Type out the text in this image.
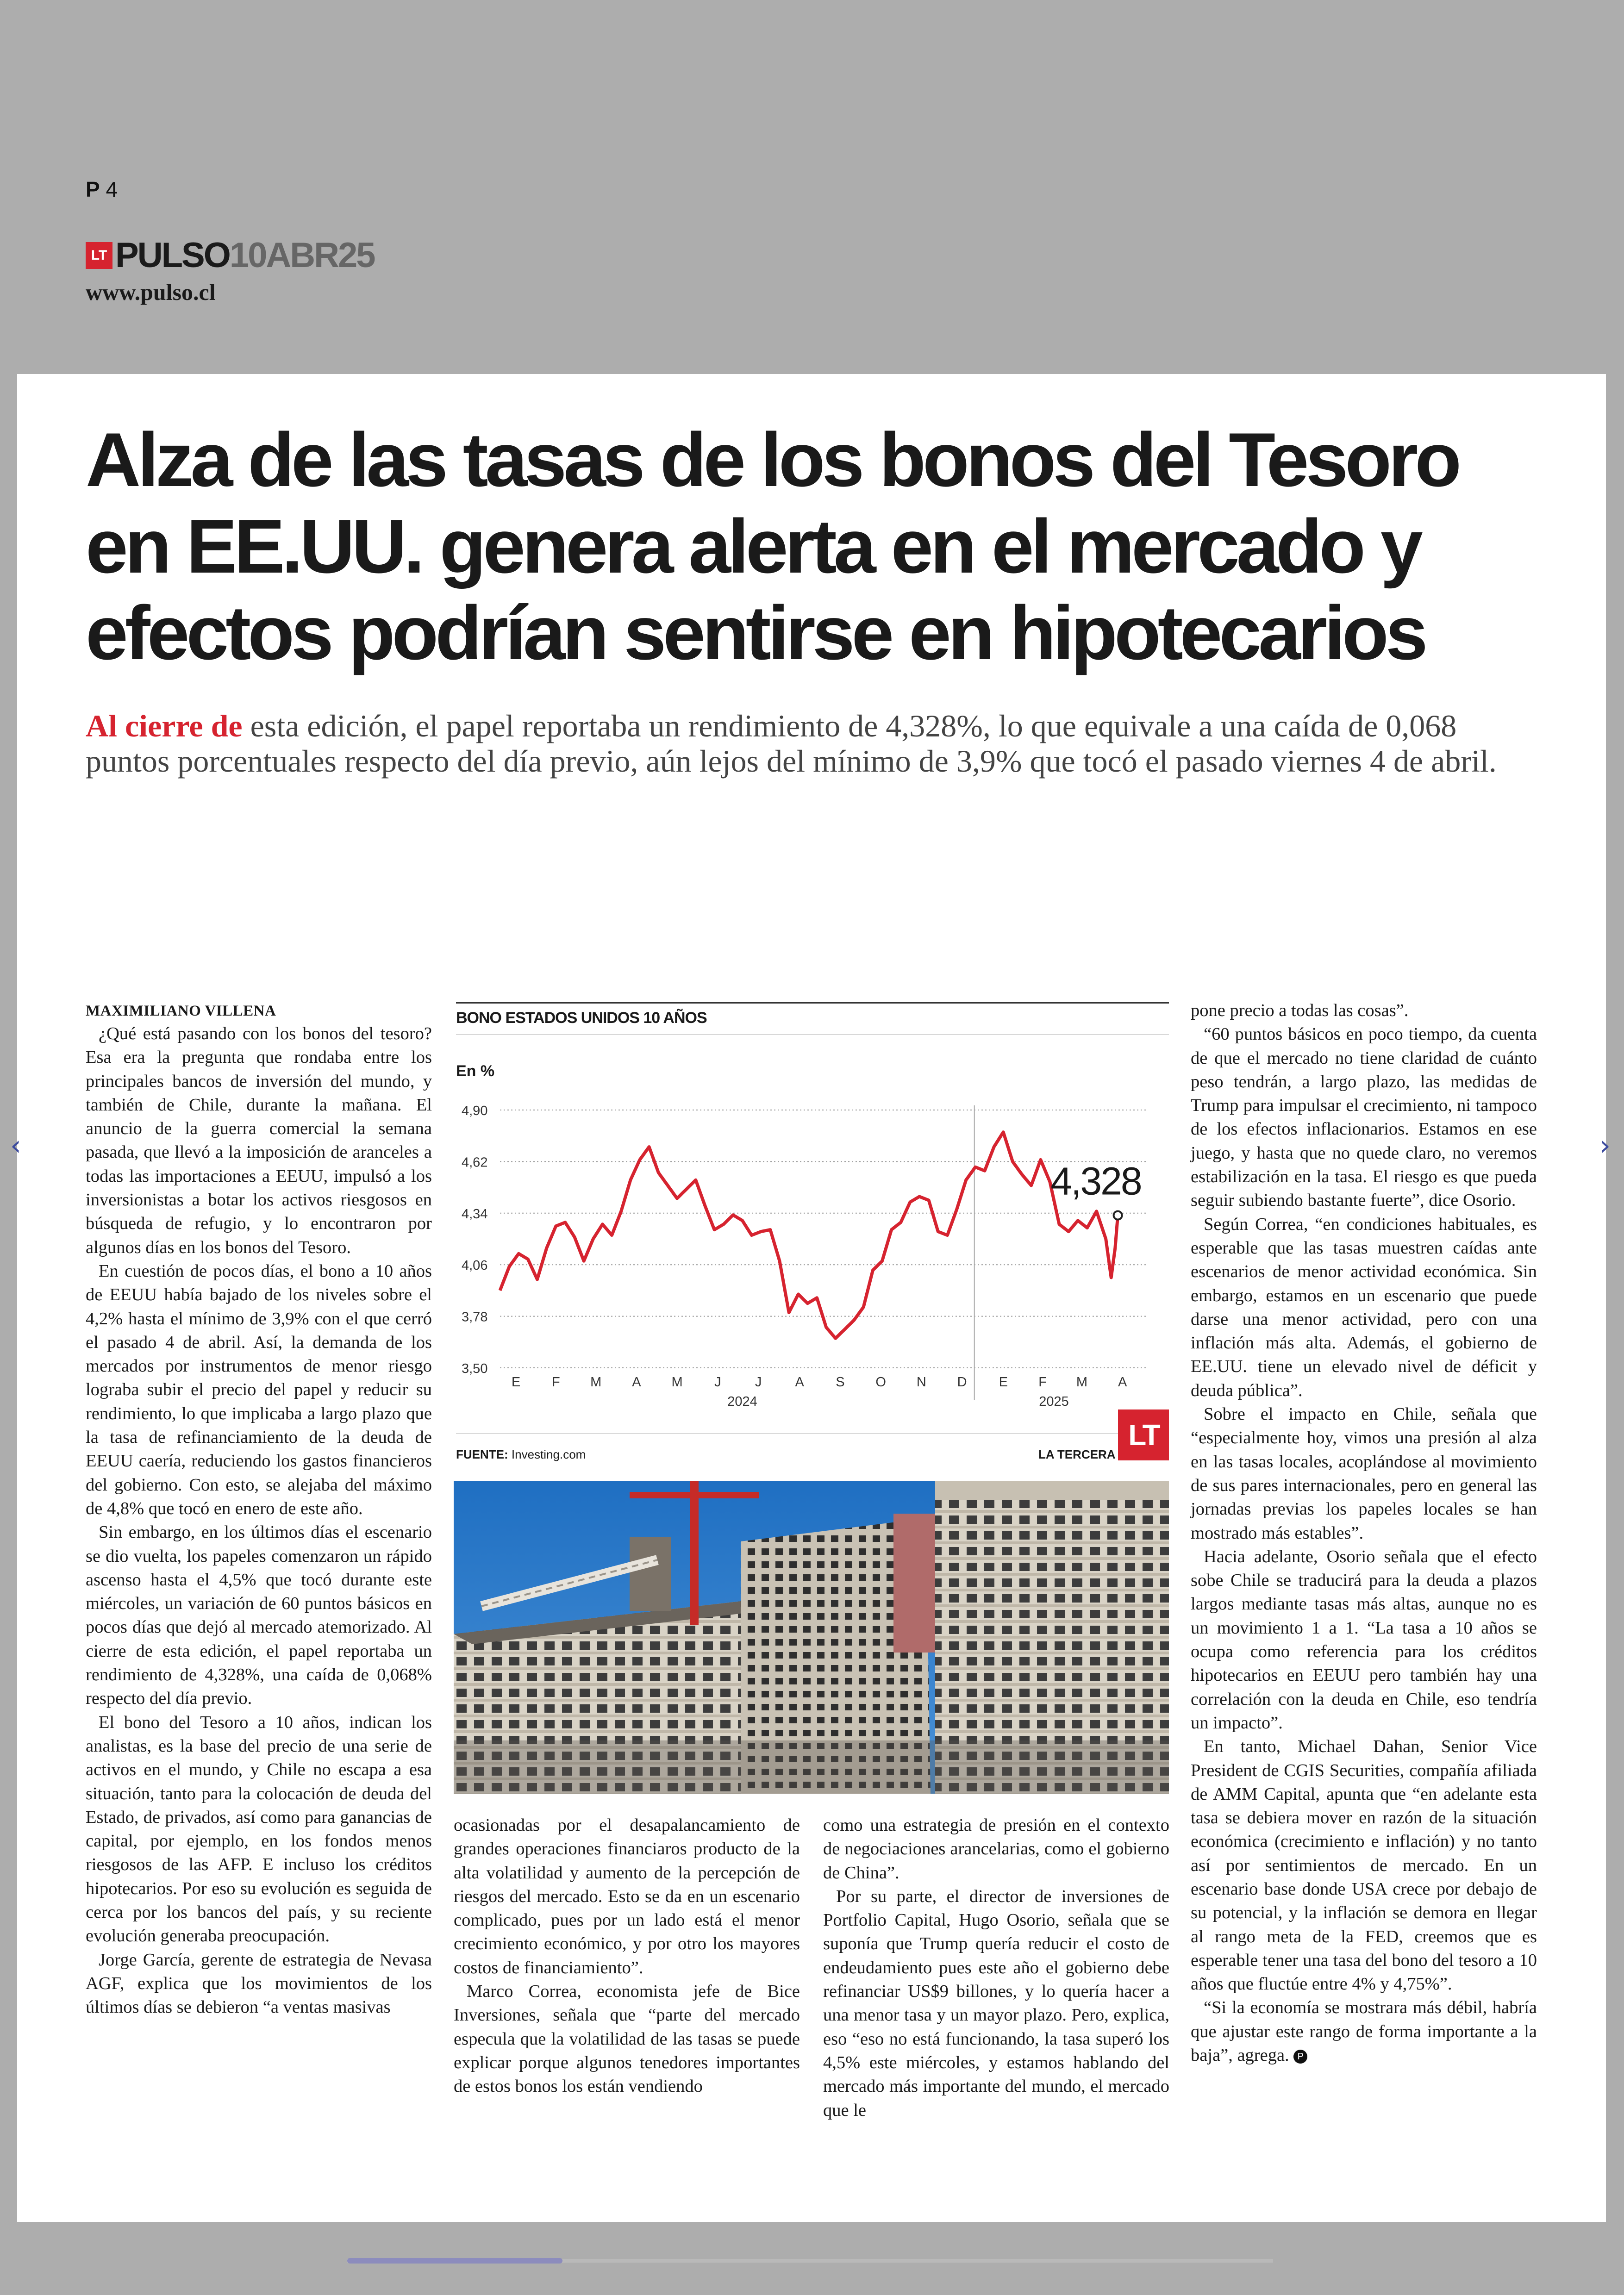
P 4
LT PULSO 10ABR25
www.pulso.cl
‹	›
Alza de las tasas de los bonos del Tesoro en EE.UU. genera alerta en el mercado y efectos podrían sentirse en hipotecarios
Al cierre de esta edición, el papel reportaba un rendimiento de 4,328%, lo que equivale a una caída de 0,068 puntos porcentuales respecto del día previo, aún lejos del mínimo de 3,9% que tocó el pasado viernes 4 de abril.
MAXIMILIANO VILLENA

¿Qué está pasando con los bonos del tesoro? Esa era la pregunta que rondaba entre los principales bancos de inversión del mundo, y también de Chile, durante la mañana. El anuncio de la guerra comercial la semana pasada, que llevó a la imposición de aranceles a todas las importaciones a EEUU, impulsó a los inversionistas a botar los activos riesgosos en búsqueda de refugio, y lo encontraron por algunos días en los bonos del Tesoro.

En cuestión de pocos días, el bono a 10 años de EEUU había bajado de los niveles sobre el 4,2% hasta el mínimo de 3,9% con el que cerró el pasado 4 de abril. Así, la demanda de los mercados por instrumentos de menor riesgo lograba subir el precio del papel y reducir su rendimiento, lo que implicaba a largo plazo que la tasa de refinanciamiento de la deuda de EEUU caería, reduciendo los gastos financieros del gobierno. Con esto, se alejaba del máximo de 4,8% que tocó en enero de este año.

Sin embargo, en los últimos días el escenario se dio vuelta, los papeles comenzaron un rápido ascenso hasta el 4,5% que tocó durante este miércoles, un variación de 60 puntos básicos en pocos días que dejó al mercado atemorizado. Al cierre de esta edición, el papel reportaba un rendimiento de 4,328%, una caída de 0,068% respecto del día previo.

El bono del Tesoro a 10 años, indican los analistas, es la base del precio de una serie de activos en el mundo, y Chile no escapa a esa situación, tanto para la colocación de deuda del Estado, de privados, así como para ganancias de capital, por ejemplo, en los fondos menos riesgosos de las AFP. E incluso los créditos hipotecarios. Por eso su evolución es seguida de cerca por los bancos del país, y su reciente evolución generaba preocupación.

Jorge García, gerente de estrategia de Nevasa AGF, explica que los movimientos de los últimos días se debieron “a ventas masivas

BONO ESTADOS UNIDOS 10 AÑOS
En %
4,90
4,62
4,34
4,06
3,78
3,50
E F M A M J	J A S O N D E F M A
2024	2025
4,328
FUENTE: Investing.com	LA TERCERA
LT

ocasionadas por el desapalancamiento de grandes operaciones financiaros producto de la alta volatilidad y aumento de la percepción de riesgos del mercado. Esto se da en un escenario complicado, pues por un lado está el menor crecimiento económico, y por otro los mayores costos de financiamiento”.

Marco Correa, economista jefe de Bice Inversiones, señala que “parte del mercado especula que la volatilidad de las tasas se puede explicar porque algunos tenedores importantes de estos bonos los están vendiendo

como una estrategia de presión en el contexto de negociaciones arancelarias, como el gobierno de China”.

Por su parte, el director de inversiones de Portfolio Capital, Hugo Osorio, señala que se suponía que Trump quería reducir el costo de endeudamiento pues este año el gobierno debe refinanciar US$9 billones, y lo quería hacer a una menor tasa y un mayor plazo. Pero, explica, eso “eso no está funcionando, la tasa superó los 4,5% este miércoles, y estamos hablando del mercado más importante del mundo, el mercado que le

pone precio a todas las cosas”.

“60 puntos básicos en poco tiempo, da cuenta de que el mercado no tiene claridad de cuánto peso tendrán, a largo plazo, las medidas de Trump para impulsar el crecimiento, ni tampoco de los efectos inflacionarios. Estamos en ese juego, y hasta que no quede claro, no veremos estabilización en la tasa. El riesgo es que pueda seguir subiendo bastante fuerte”, dice Osorio.

Según Correa, “en condiciones habituales, es esperable que las tasas muestren caídas ante escenarios de menor actividad económica. Sin embargo, estamos en un escenario que puede darse una menor actividad, pero con una inflación más alta. Además, el gobierno de EE.UU. tiene un elevado nivel de déficit y deuda pública”.

Sobre el impacto en Chile, señala que “especialmente hoy, vimos una presión al alza en las tasas locales, acoplándose al movimiento de sus pares internacionales, pero en general las jornadas previas los papeles locales se han mostrado más estables”.

Hacia adelante, Osorio señala que el efecto sobe Chile se traducirá para la deuda a plazos largos mediante tasas más altas, aunque no es un movimiento 1 a 1. “La tasa a 10 años se ocupa como referencia para los créditos hipotecarios en EEUU pero también hay una correlación con la deuda en Chile, eso tendría un impacto”.

En tanto, Michael Dahan, Senior Vice President de CGIS Securities, compañía afiliada de AMM Capital, apunta que “en adelante esta tasa se debiera mover en razón de la situación económica (crecimiento e inflación) y no tanto así por sentimientos de mercado. En un escenario base donde USA crece por debajo de su potencial, y la inflación se demora en llegar al rango meta de la FED, creemos que es esperable tener una tasa del bono del tesoro a 10 años que fluctúe entre 4% y 4,75%”.

“Si la economía se mostrara más débil, habría que ajustar este rango de forma importante a la baja”, agrega. P
